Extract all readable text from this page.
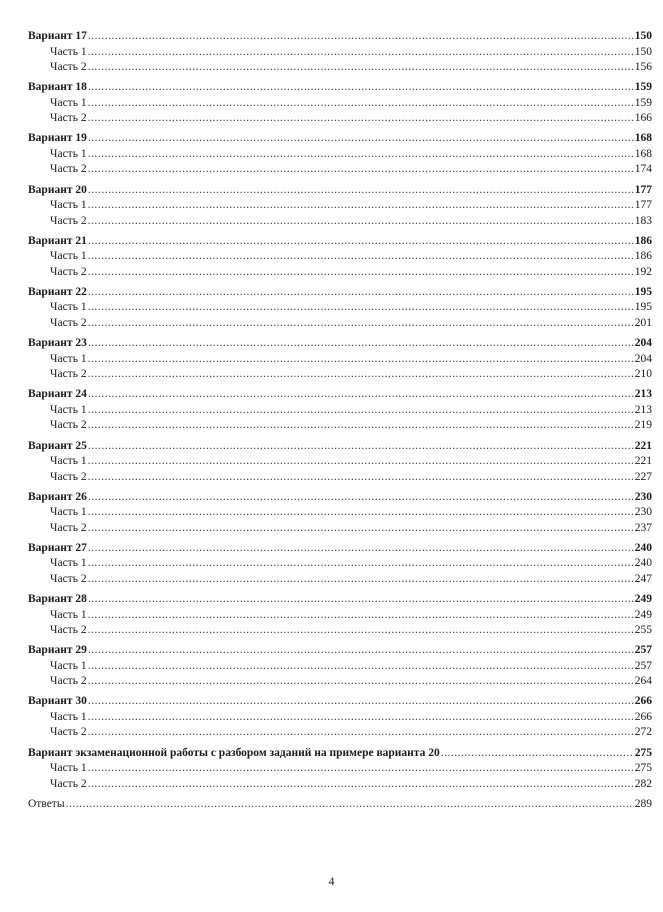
Вариант 17 .....	150
Часть 1 .....	150
Часть 2 .....	156
Вариант 18 .....	159
Часть 1 .....	159
Часть 2 .....	166
Вариант 19 .....	168
Часть 1 .....	168
Часть 2 .....	174
Вариант 20 .....	177
Часть 1 .....	177
Часть 2 .....	183
Вариант 21 .....	186
Часть 1 .....	186
Часть 2 .....	192
Вариант 22 .....	195
Часть 1 .....	195
Часть 2 .....	201
Вариант 23 .....	204
Часть 1 .....	204
Часть 2 .....	210
Вариант 24 .....	213
Часть 1 .....	213
Часть 2 .....	219
Вариант 25 .....	221
Часть 1 .....	221
Часть 2 .....	227
Вариант 26 .....	230
Часть 1 .....	230
Часть 2 .....	237
Вариант 27 .....	240
Часть 1 .....	240
Часть 2 .....	247
Вариант 28 .....	249
Часть 1 .....	249
Часть 2 .....	255
Вариант 29 .....	257
Часть 1 .....	257
Часть 2 .....	264
Вариант 30 .....	266
Часть 1 .....	266
Часть 2 .....	272
Вариант экзаменационной работы с разбором заданий на примере варианта 20 .....	275
Часть 1 .....	275
Часть 2 .....	282
Ответы .....	289
4
